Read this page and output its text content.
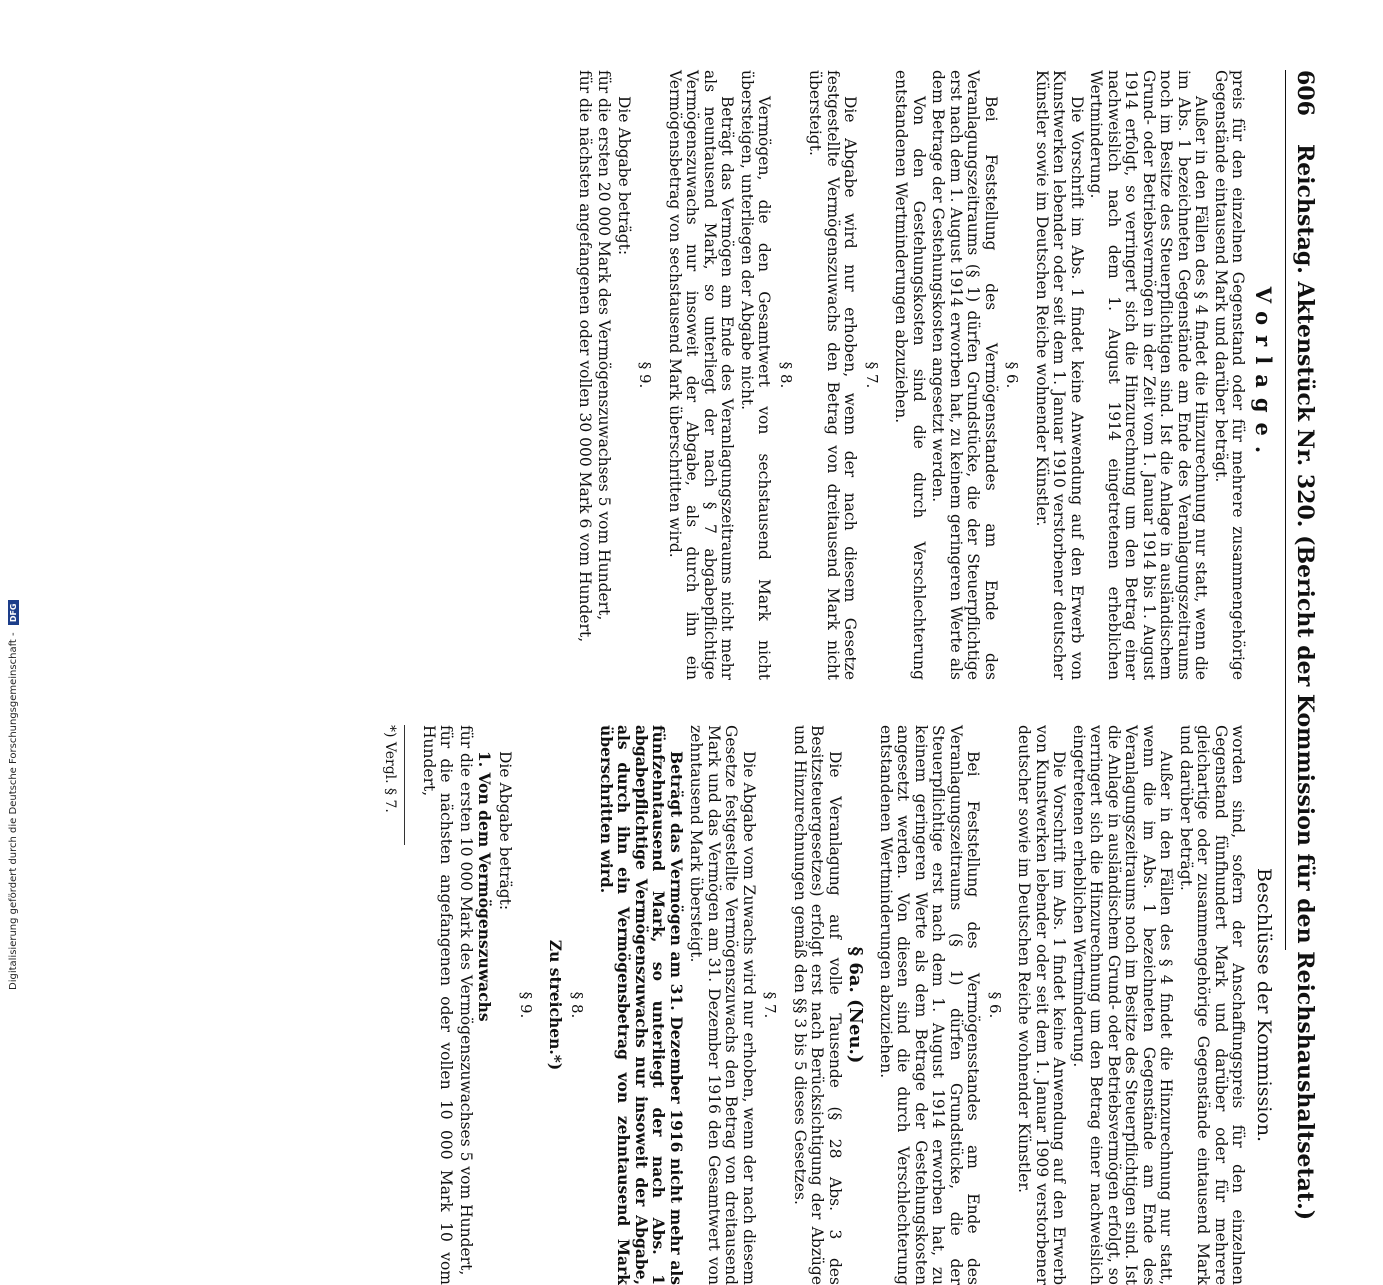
606
Reichstag. Aktenstück Nr. 320. (Bericht der Kommission für den Reichshaushaltsetat.)
Vorlage.

preis für den einzelnen Gegenstand oder für mehrere zusammengehörige Gegenstände eintausend Mark und darüber beträgt.

Außer in den Fällen des § 4 findet die Hinzurechnung nur statt, wenn die im Abs. 1 bezeichneten Gegenstände am Ende des Veranlagungszeitraums noch im Besitze des Steuerpflichtigen sind. Ist die Anlage in ausländischem Grund- oder Betriebsvermögen in der Zeit vom 1. Januar 1914 bis 1. August 1914 erfolgt, so verringert sich die Hinzurechnung um den Betrag einer nachweislich nach dem 1. August 1914 eingetretenen erheblichen Wertminderung.

Die Vorschrift im Abs. 1 findet keine Anwendung auf den Erwerb von Kunstwerken lebender oder seit dem 1. Januar 1910 verstorbener deutscher Künstler sowie im Deutschen Reiche wohnender Künstler.

§ 6.

Bei Feststellung des Vermögensstandes am Ende des Veranlagungszeitraums (§ 1) dürfen Grundstücke, die der Steuerpflichtige erst nach dem 1. August 1914 erworben hat, zu keinem geringeren Werte als dem Betrage der Gestehungskosten angesetzt werden.

Von den Gestehungskosten sind die durch Verschlechterung entstandenen Wertminderungen abzuziehen.

§ 7.

Die Abgabe wird nur erhoben, wenn der nach diesem Gesetze festgestellte Vermögenszuwachs den Betrag von dreitausend Mark nicht übersteigt.

§ 8.

Vermögen, die den Gesamtwert von sechstausend Mark nicht übersteigen, unterliegen der Abgabe nicht.

Beträgt das Vermögen am Ende des Veranlagungszeitraums nicht mehr als neuntausend Mark, so unterliegt der nach § 7 abgabepflichtige Vermögenszuwachs nur insoweit der Abgabe, als durch ihn ein Vermögensbetrag von sechstausend Mark überschritten wird.

§ 9.

Die Abgabe beträgt:

für die ersten 20 000 Mark des Vermögenszuwachses 5 vom Hundert,

für die nächsten angefangenen oder vollen 30 000 Mark 6 vom Hundert,

Beschlüsse der Kommission.

worden sind, sofern der Anschaffungspreis für den einzelnen Gegenstand fünfhundert Mark und darüber oder für mehrere gleichartige oder zusammengehörige Gegenstände eintausend Mark und darüber beträgt.

Außer in den Fällen des § 4 findet die Hinzurechnung nur statt, wenn die im Abs. 1 bezeichneten Gegenstände am Ende des Veranlagungszeitraums noch im Besitze des Steuerpflichtigen sind. Ist die Anlage in ausländischem Grund- oder Betriebsvermögen erfolgt, so verringert sich die Hinzurechnung um den Betrag einer nachweislich eingetretenen erheblichen Wertminderung.

Die Vorschrift im Abs. 1 findet keine Anwendung auf den Erwerb von Kunstwerken lebender oder seit dem 1. Januar 1909 verstorbener deutscher sowie im Deutschen Reiche wohnender Künstler.

§ 6.

Bei Feststellung des Vermögensstandes am Ende des Veranlagungszeitraums (§ 1) dürfen Grundstücke, die der Steuerpflichtige erst nach dem 1. August 1914 erworben hat, zu keinem geringeren Werte als dem Betrage der Gestehungskosten angesetzt werden. Von diesen sind die durch Verschlechterung entstandenen Wertminderungen abzuziehen.

§ 6a. (Neu.)

Die Veranlagung auf volle Tausende (§ 28 Abs. 3 des Besitzsteuergesetzes) erfolgt erst nach Berücksichtigung der Abzüge und Hinzurechnungen gemäß den §§ 3 bis 5 dieses Gesetzes.

§ 7.

Die Abgabe vom Zuwachs wird nur erhoben, wenn der nach diesem Gesetze festgestellte Vermögenszuwachs den Betrag von dreitausend Mark und das Vermögen am 31. Dezember 1916 den Gesamtwert von zehntausend Mark übersteigt.

Beträgt das Vermögen am 31. Dezember 1916 nicht mehr als fünfzehntausend Mark, so unterliegt der nach Abs. 1 abgabepflichtige Vermögenszuwachs nur insoweit der Abgabe, als durch ihn ein Vermögensbetrag von zehntausend Mark überschritten wird.

§ 8.

Zu streichen.*)

§ 9.

Die Abgabe beträgt:

1. Von dem Vermögenszuwachs

für die ersten 10 000 Mark des Vermögenszuwachses 5 vom Hundert,

für die nächsten angefangenen oder vollen 10 000 Mark 10 vom Hundert,

*) Vergl. § 7.
Digitalisierung gefördert durch die Deutsche Forschungsgemeinschaft - DFG
